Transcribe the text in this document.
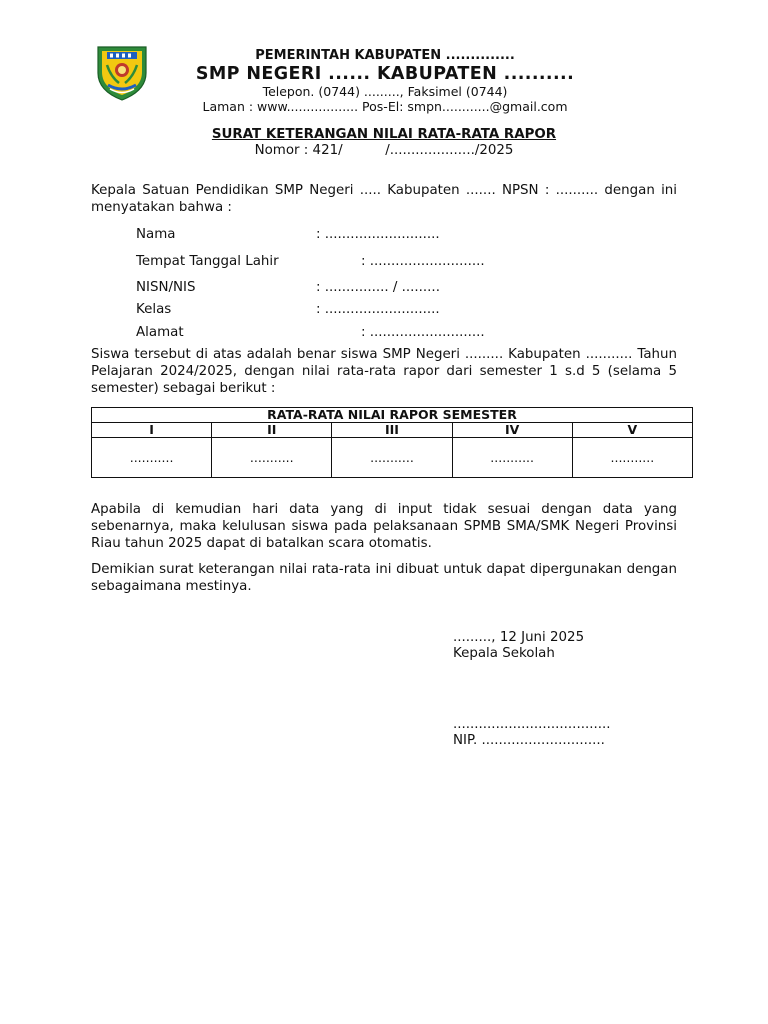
PEMERINTAH KABUPATEN ..............
SMP NEGERI ...... KABUPATEN ..........
Telepon. (0744) ........., Faksimel (0744)
Laman : www.................. Pos-El: smpn............@gmail.com
SURAT KETERANGAN NILAI RATA-RATA RAPOR
Nomor : 421/          /..................../2025

Kepala Satuan Pendidikan SMP Negeri ..... Kabupaten ....... NPSN : .......... dengan ini menyatakan bahwa :

Nama	: ...........................
Tempat Tanggal Lahir	: ...........................
NISN/NIS	: ............... / .........
Kelas	: ...........................
Alamat	: ...........................

Siswa tersebut di atas adalah benar siswa SMP Negeri ......... Kabupaten ........... Tahun Pelajaran 2024/2025, dengan nilai rata-rata rapor dari semester 1 s.d 5 (selama 5 semester) sebagai berikut :

RATA-RATA NILAI RAPOR SEMESTER				
I	II	III	IV	V
...........	...........	...........	...........	...........

Apabila di kemudian hari data yang di input tidak sesuai dengan data yang sebenarnya, maka kelulusan siswa pada pelaksanaan SPMB SMA/SMK Negeri Provinsi Riau tahun 2025 dapat di batalkan scara otomatis.

Demikian surat keterangan nilai rata-rata ini dibuat untuk dapat dipergunakan dengan sebagaimana mestinya.

........., 12 Juni 2025
Kepala Sekolah
.....................................
NIP. .............................
